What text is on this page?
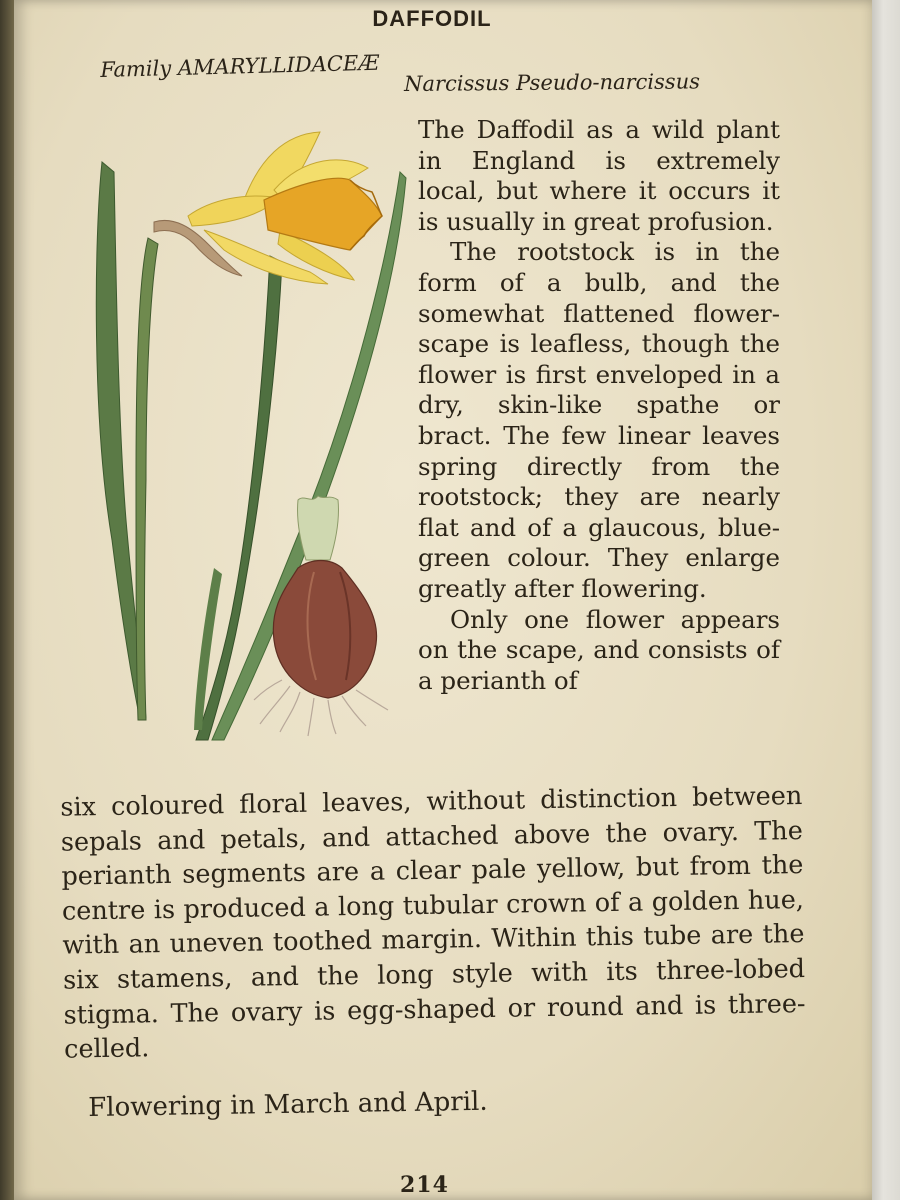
DAFFODIL
Family AMARYLLIDACEÆ
Narcissus Pseudo-narcissus

The Daffodil as a wild plant in England is extremely local, but where it occurs it is usually in great profusion.

The rootstock is in the form of a bulb, and the somewhat flattened flower-scape is leafless, though the flower is first enveloped in a dry, skin-like spathe or bract. The few linear leaves spring directly from the rootstock; they are nearly flat and of a glaucous, blue-green colour. They enlarge greatly after flowering.

Only one flower appears on the scape, and consists of a perianth of

six coloured floral leaves, without distinction between sepals and petals, and attached above the ovary. The perianth segments are a clear pale yellow, but from the centre is produced a long tubular crown of a golden hue, with an uneven toothed margin. Within this tube are the six stamens, and the long style with its three-lobed stigma. The ovary is egg-shaped or round and is three-celled.

Flowering in March and April.
214
